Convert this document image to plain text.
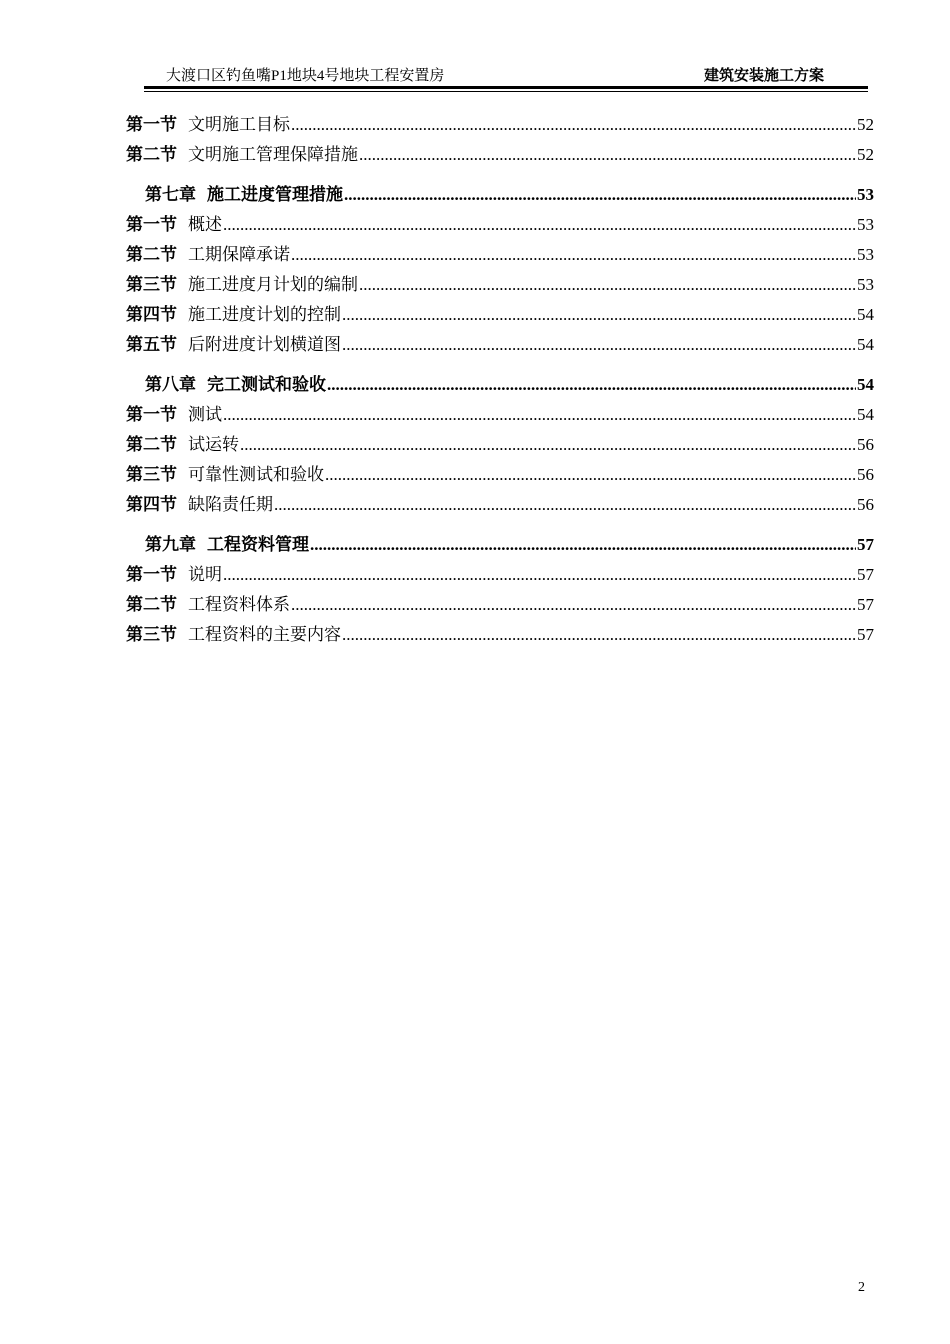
大渡口区钓鱼嘴P1地块4号地块工程安置房	建筑安装施工方案
第一节 文明施工目标 .....	52
第二节 文明施工管理保障措施 .....	52
第七章 施工进度管理措施 .....	53
第一节 概述 .....	53
第二节 工期保障承诺 .....	53
第三节 施工进度月计划的编制 .....	53
第四节 施工进度计划的控制 .....	54
第五节 后附进度计划横道图 .....	54
第八章 完工测试和验收 .....	54
第一节 测试 .....	54
第二节 试运转 .....	56
第三节 可靠性测试和验收 .....	56
第四节 缺陷责任期 .....	56
第九章 工程资料管理 .....	57
第一节 说明 .....	57
第二节 工程资料体系 .....	57
第三节 工程资料的主要内容 .....	57
2
